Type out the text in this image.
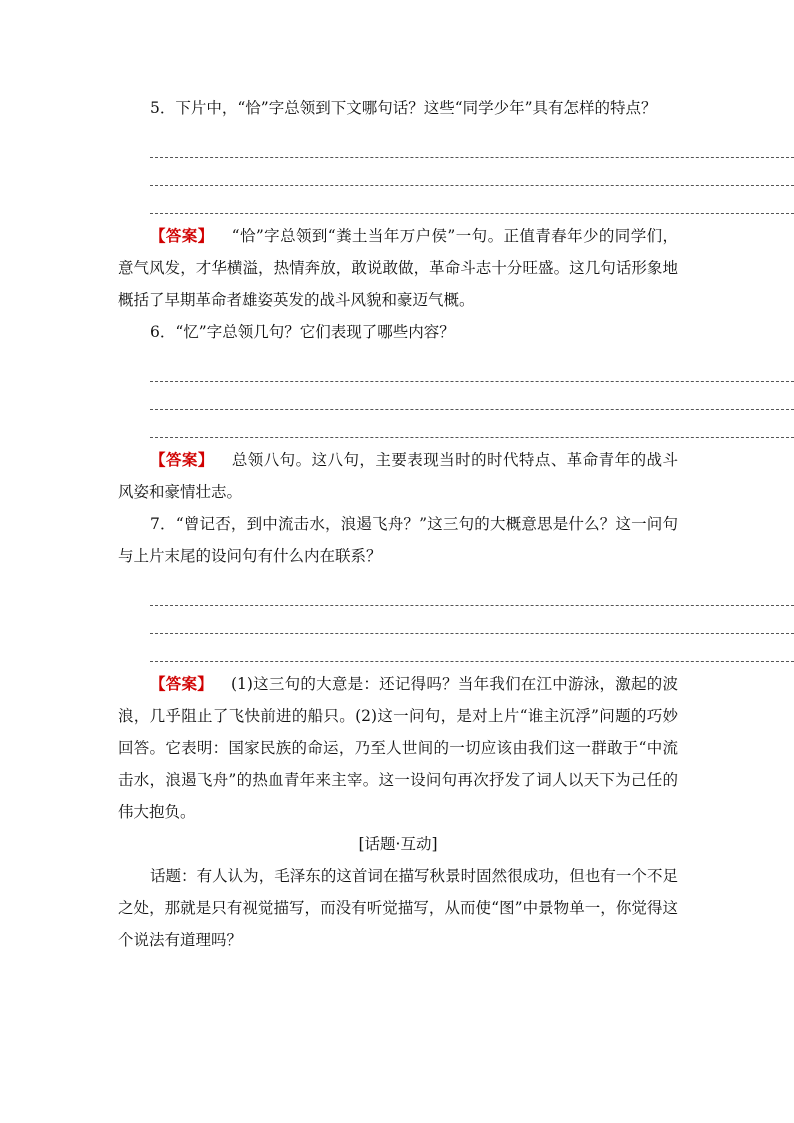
5．下片中，“恰”字总领到下文哪句话？这些“同学少年”具有怎样的特点？

【答案】 “恰”字总领到“粪土当年万户侯”一句。正值青春年少的同学们，意气风发，才华横溢，热情奔放，敢说敢做，革命斗志十分旺盛。这几句话形象地概括了早期革命者雄姿英发的战斗风貌和豪迈气概。

6．“忆”字总领几句？它们表现了哪些内容？

【答案】 总领八句。这八句，主要表现当时的时代特点、革命青年的战斗风姿和豪情壮志。

7．“曾记否，到中流击水，浪遏飞舟？”这三句的大概意思是什么？这一问句与上片末尾的设问句有什么内在联系？

【答案】 (1)这三句的大意是：还记得吗？当年我们在江中游泳，激起的波浪，几乎阻止了飞快前进的船只。(2)这一问句，是对上片“谁主沉浮”问题的巧妙回答。它表明：国家民族的命运，乃至人世间的一切应该由我们这一群敢于“中流击水，浪遏飞舟”的热血青年来主宰。这一设问句再次抒发了词人以天下为己任的伟大抱负。

[话题·互动]

话题：有人认为，毛泽东的这首词在描写秋景时固然很成功，但也有一个不足之处，那就是只有视觉描写，而没有听觉描写，从而使“图”中景物单一，你觉得这个说法有道理吗？
